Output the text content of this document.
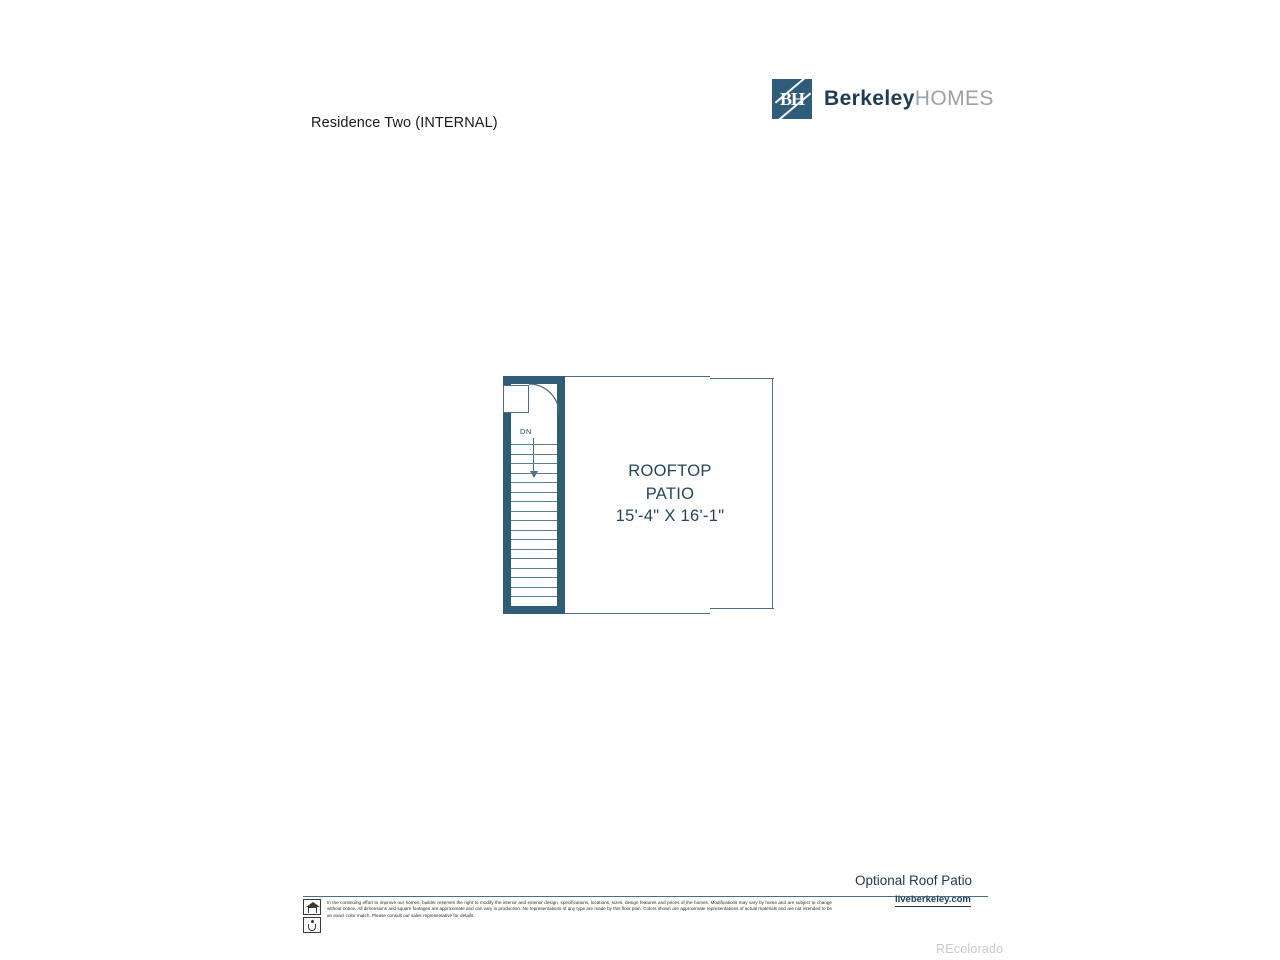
Residence Two (INTERNAL)
BH BerkeleyHOMES
DN
ROOFTOP
PATIO
15'-4" X 16'-1"
Optional Roof Patio
liveberkeley.com
In the continuing effort to improve our homes, builder reserves the right to modify the interior and exterior design, specifications, locations, sizes, design features and prices of the homes. Modifications may vary by home and are subject to change without notice. All dimensions and square footages are approximate and can vary in production. No representations of any type are made by this floor plan. Colors shown are approximate representations of actual materials and are not intended to be an exact color match. Please consult our sales representative for details.
REcolorado
